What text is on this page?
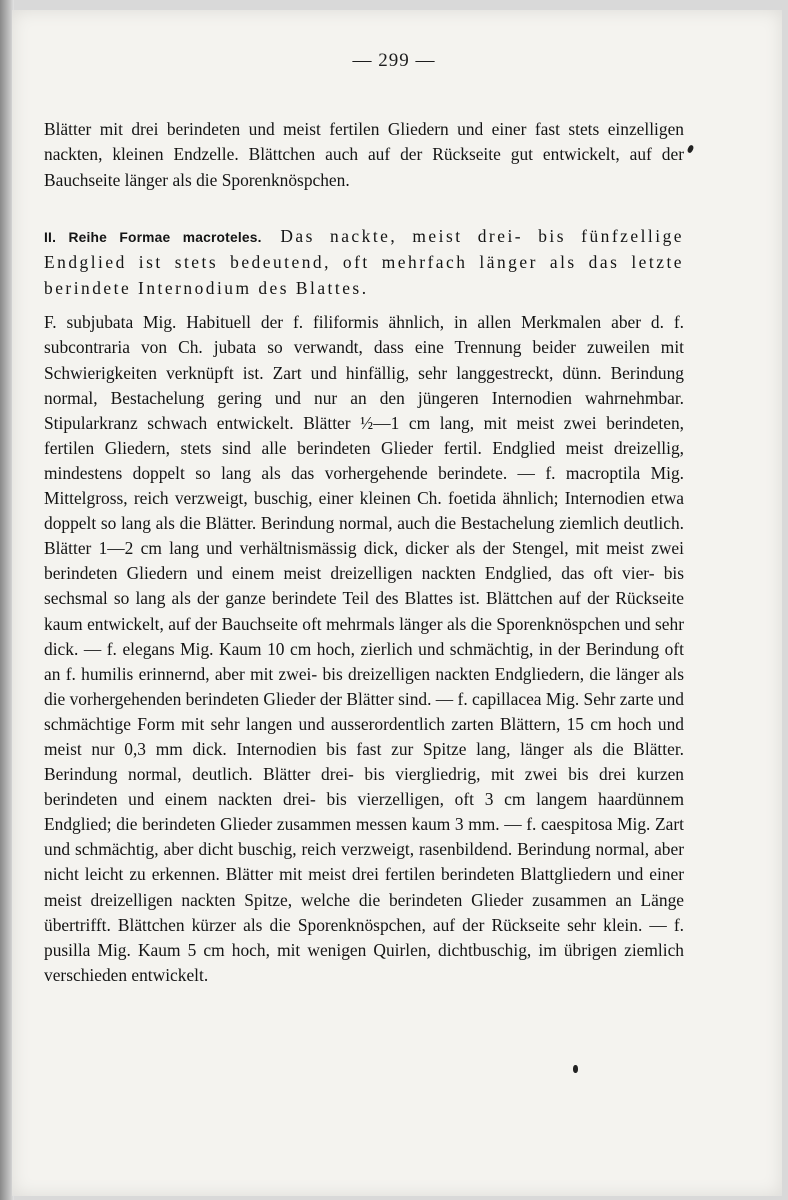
— 299 —

Blätter mit drei berindeten und meist fertilen Gliedern und einer fast stets einzelligen nackten, kleinen Endzelle. Blättchen auch auf der Rückseite gut entwickelt, auf der Bauchseite länger als die Sporenknöspchen.

II. Reihe Formae macroteles. Das nackte, meist drei- bis fünfzellige Endglied ist stets bedeutend, oft mehrfach länger als das letzte berindete Internodium des Blattes.

F. subjubata Mig. Habituell der f. filiformis ähnlich, in allen Merkmalen aber d. f. subcontraria von Ch. jubata so verwandt, dass eine Trennung beider zuweilen mit Schwierigkeiten verknüpft ist. Zart und hinfällig, sehr langgestreckt, dünn. Berindung normal, Bestachelung gering und nur an den jüngeren Internodien wahrnehmbar. Stipularkranz schwach entwickelt. Blätter ½—1 cm lang, mit meist zwei berindeten, fertilen Gliedern, stets sind alle berindeten Glieder fertil. Endglied meist dreizellig, mindestens doppelt so lang als das vorhergehende berindete. — f. macroptila Mig. Mittelgross, reich verzweigt, buschig, einer kleinen Ch. foetida ähnlich; Internodien etwa doppelt so lang als die Blätter. Berindung normal, auch die Bestachelung ziemlich deutlich. Blätter 1—2 cm lang und verhältnismässig dick, dicker als der Stengel, mit meist zwei berindeten Gliedern und einem meist dreizelligen nackten Endglied, das oft vier- bis sechsmal so lang als der ganze berindete Teil des Blattes ist. Blättchen auf der Rückseite kaum entwickelt, auf der Bauchseite oft mehrmals länger als die Sporenknöspchen und sehr dick. — f. elegans Mig. Kaum 10 cm hoch, zierlich und schmächtig, in der Berindung oft an f. humilis erinnernd, aber mit zwei- bis dreizelligen nackten Endgliedern, die länger als die vorhergehenden berindeten Glieder der Blätter sind. — f. capillacea Mig. Sehr zarte und schmächtige Form mit sehr langen und ausserordentlich zarten Blättern, 15 cm hoch und meist nur 0,3 mm dick. Internodien bis fast zur Spitze lang, länger als die Blätter. Berindung normal, deutlich. Blätter drei- bis viergliedrig, mit zwei bis drei kurzen berindeten und einem nackten drei- bis vierzelligen, oft 3 cm langem haardünnem Endglied; die berindeten Glieder zusammen messen kaum 3 mm. — f. caespitosa Mig. Zart und schmächtig, aber dicht buschig, reich verzweigt, rasenbildend. Berindung normal, aber nicht leicht zu erkennen. Blätter mit meist drei fertilen berindeten Blattgliedern und einer meist dreizelligen nackten Spitze, welche die berindeten Glieder zusammen an Länge übertrifft. Blättchen kürzer als die Sporenknöspchen, auf der Rückseite sehr klein. — f. pusilla Mig. Kaum 5 cm hoch, mit wenigen Quirlen, dichtbuschig, im übrigen ziemlich verschieden entwickelt.
